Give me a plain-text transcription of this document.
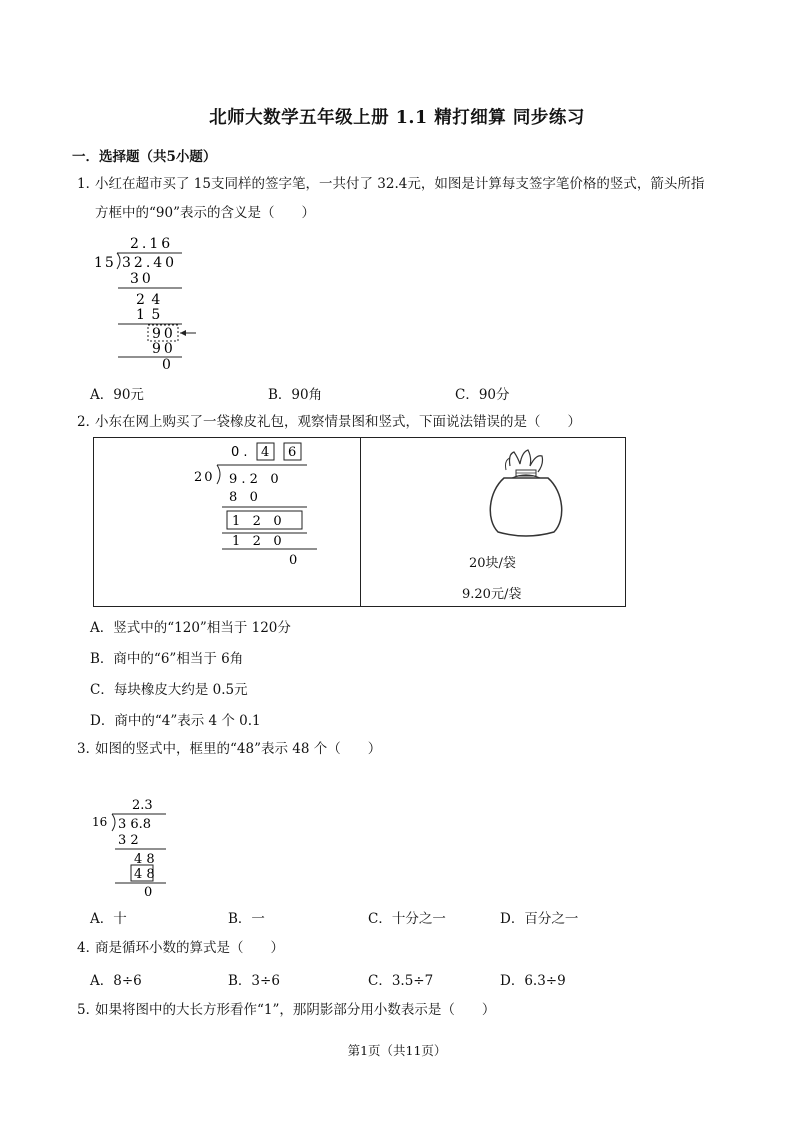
北师大数学五年级上册 1.1 精打细算 同步练习
一．选择题（共5小题）
1．
小红在超市买了 15支同样的签字笔，一共付了 32.4元，如图是计算每支签字笔价格的竖式，箭头所指
方框中的“90”表示的含义是（　　）
2.16
15 32.40
30
2 4
1 5
90
90
0
A．90元	B．90角	C．90分
2．
小东在网上购买了一袋橡皮礼包，观察情景图和竖式，下面说法错误的是（　　）
0 . 4 6
20 9 . 2   0
8   0
1   2   0
1   2   0
0	20块/袋
9.20元/袋
A．竖式中的“120”相当于 120分
B．商中的“6”相当于 6角
C．每块橡皮大约是 0.5元
D．商中的“4”表示 4 个 0.1
3．
如图的竖式中，框里的“48”表示 48 个（　　）
2.3
16 3 6.8
3 2
4 8
4 8
0
A．十	B．一	C．十分之一	D．百分之一
4．
商是循环小数的算式是（　　）
A．8÷6	B．3÷6	C．3.5÷7	D．6.3÷9
5．
如果将图中的大长方形看作“1”，那阴影部分用小数表示是（　　）
第1页（共11页）
